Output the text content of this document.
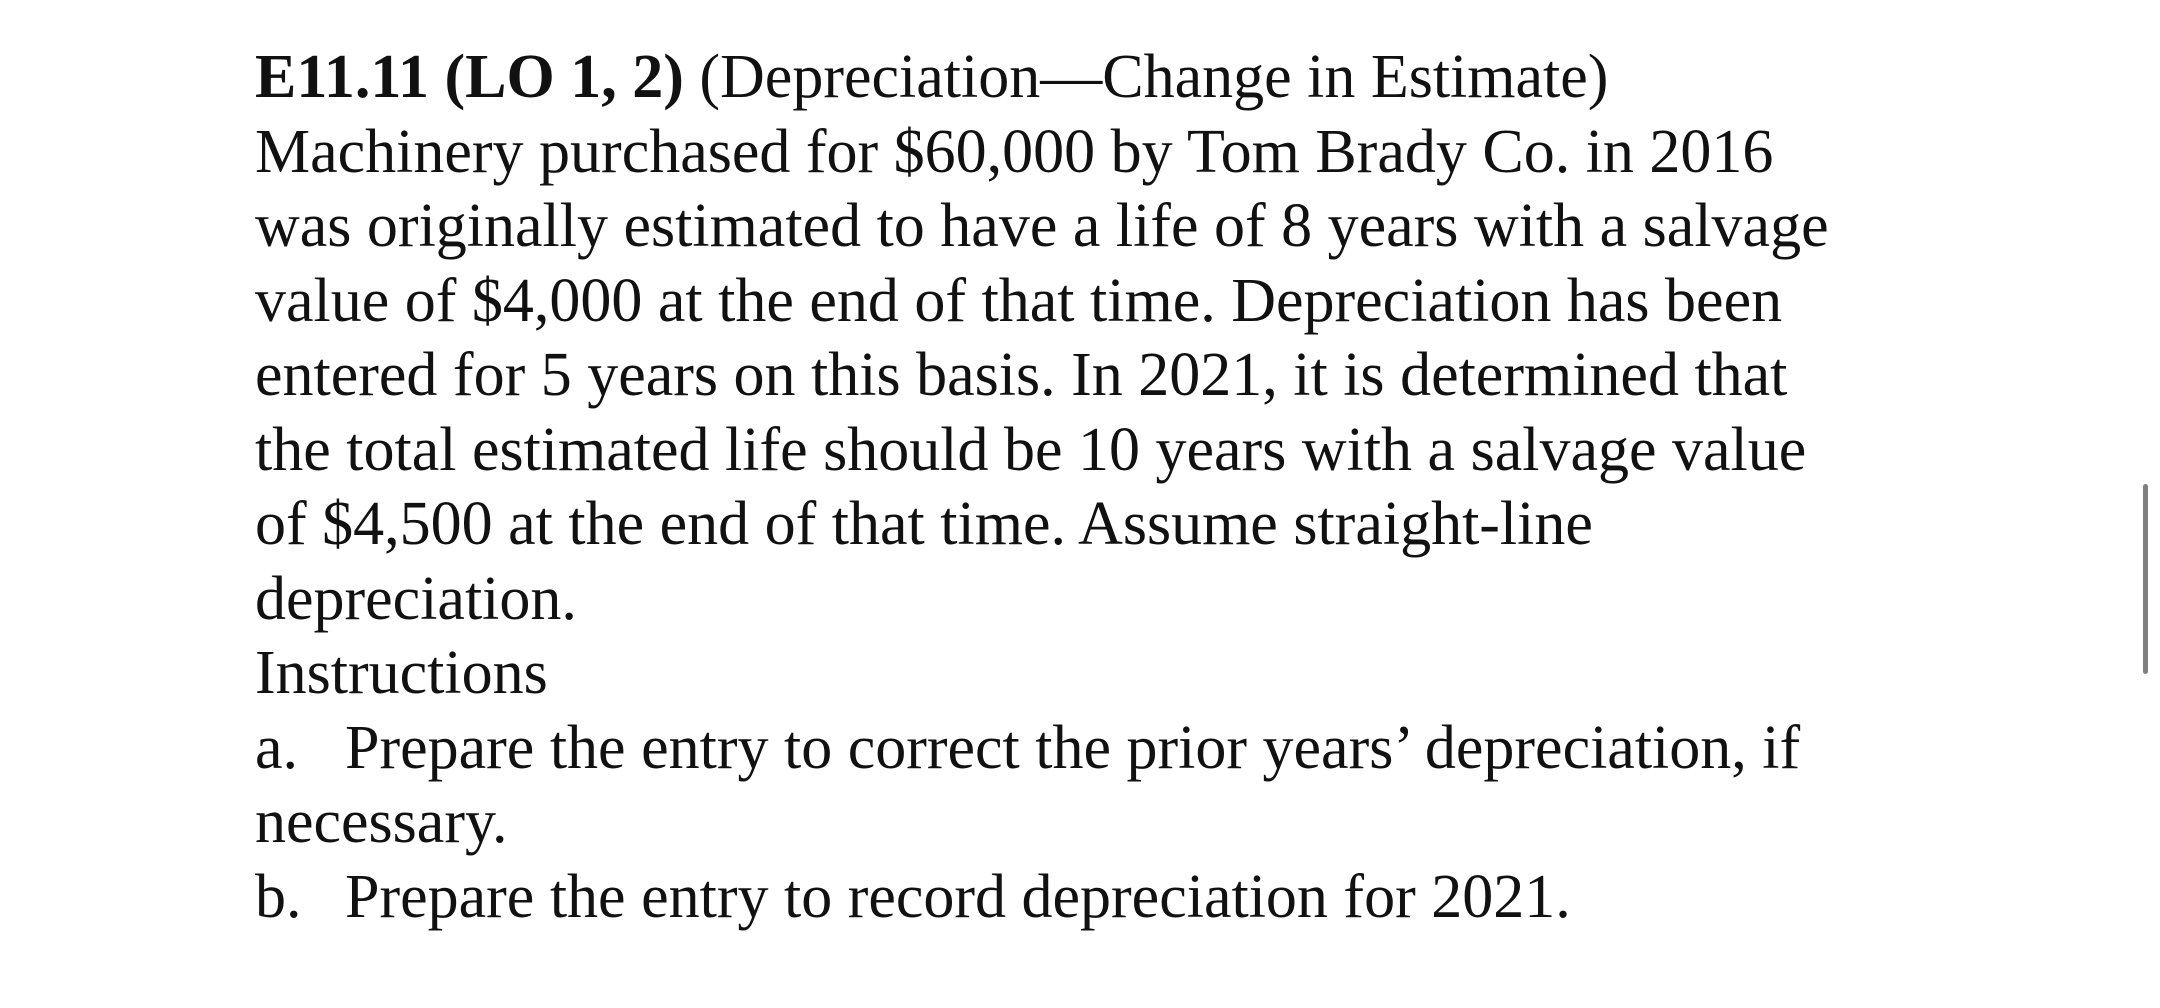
E11.11 (LO 1, 2) (Depreciation—Change in Estimate)
Machinery purchased for $60,000 by Tom Brady Co. in 2016
was originally estimated to have a life of 8 years with a salvage
value of $4,000 at the end of that time. Depreciation has been
entered for 5 years on this basis. In 2021, it is determined that
the total estimated life should be 10 years with a salvage value
of $4,500 at the end of that time. Assume straight-line
depreciation.
Instructions
a. Prepare the entry to correct the prior years’ depreciation, if
necessary.
b. Prepare the entry to record depreciation for 2021.
